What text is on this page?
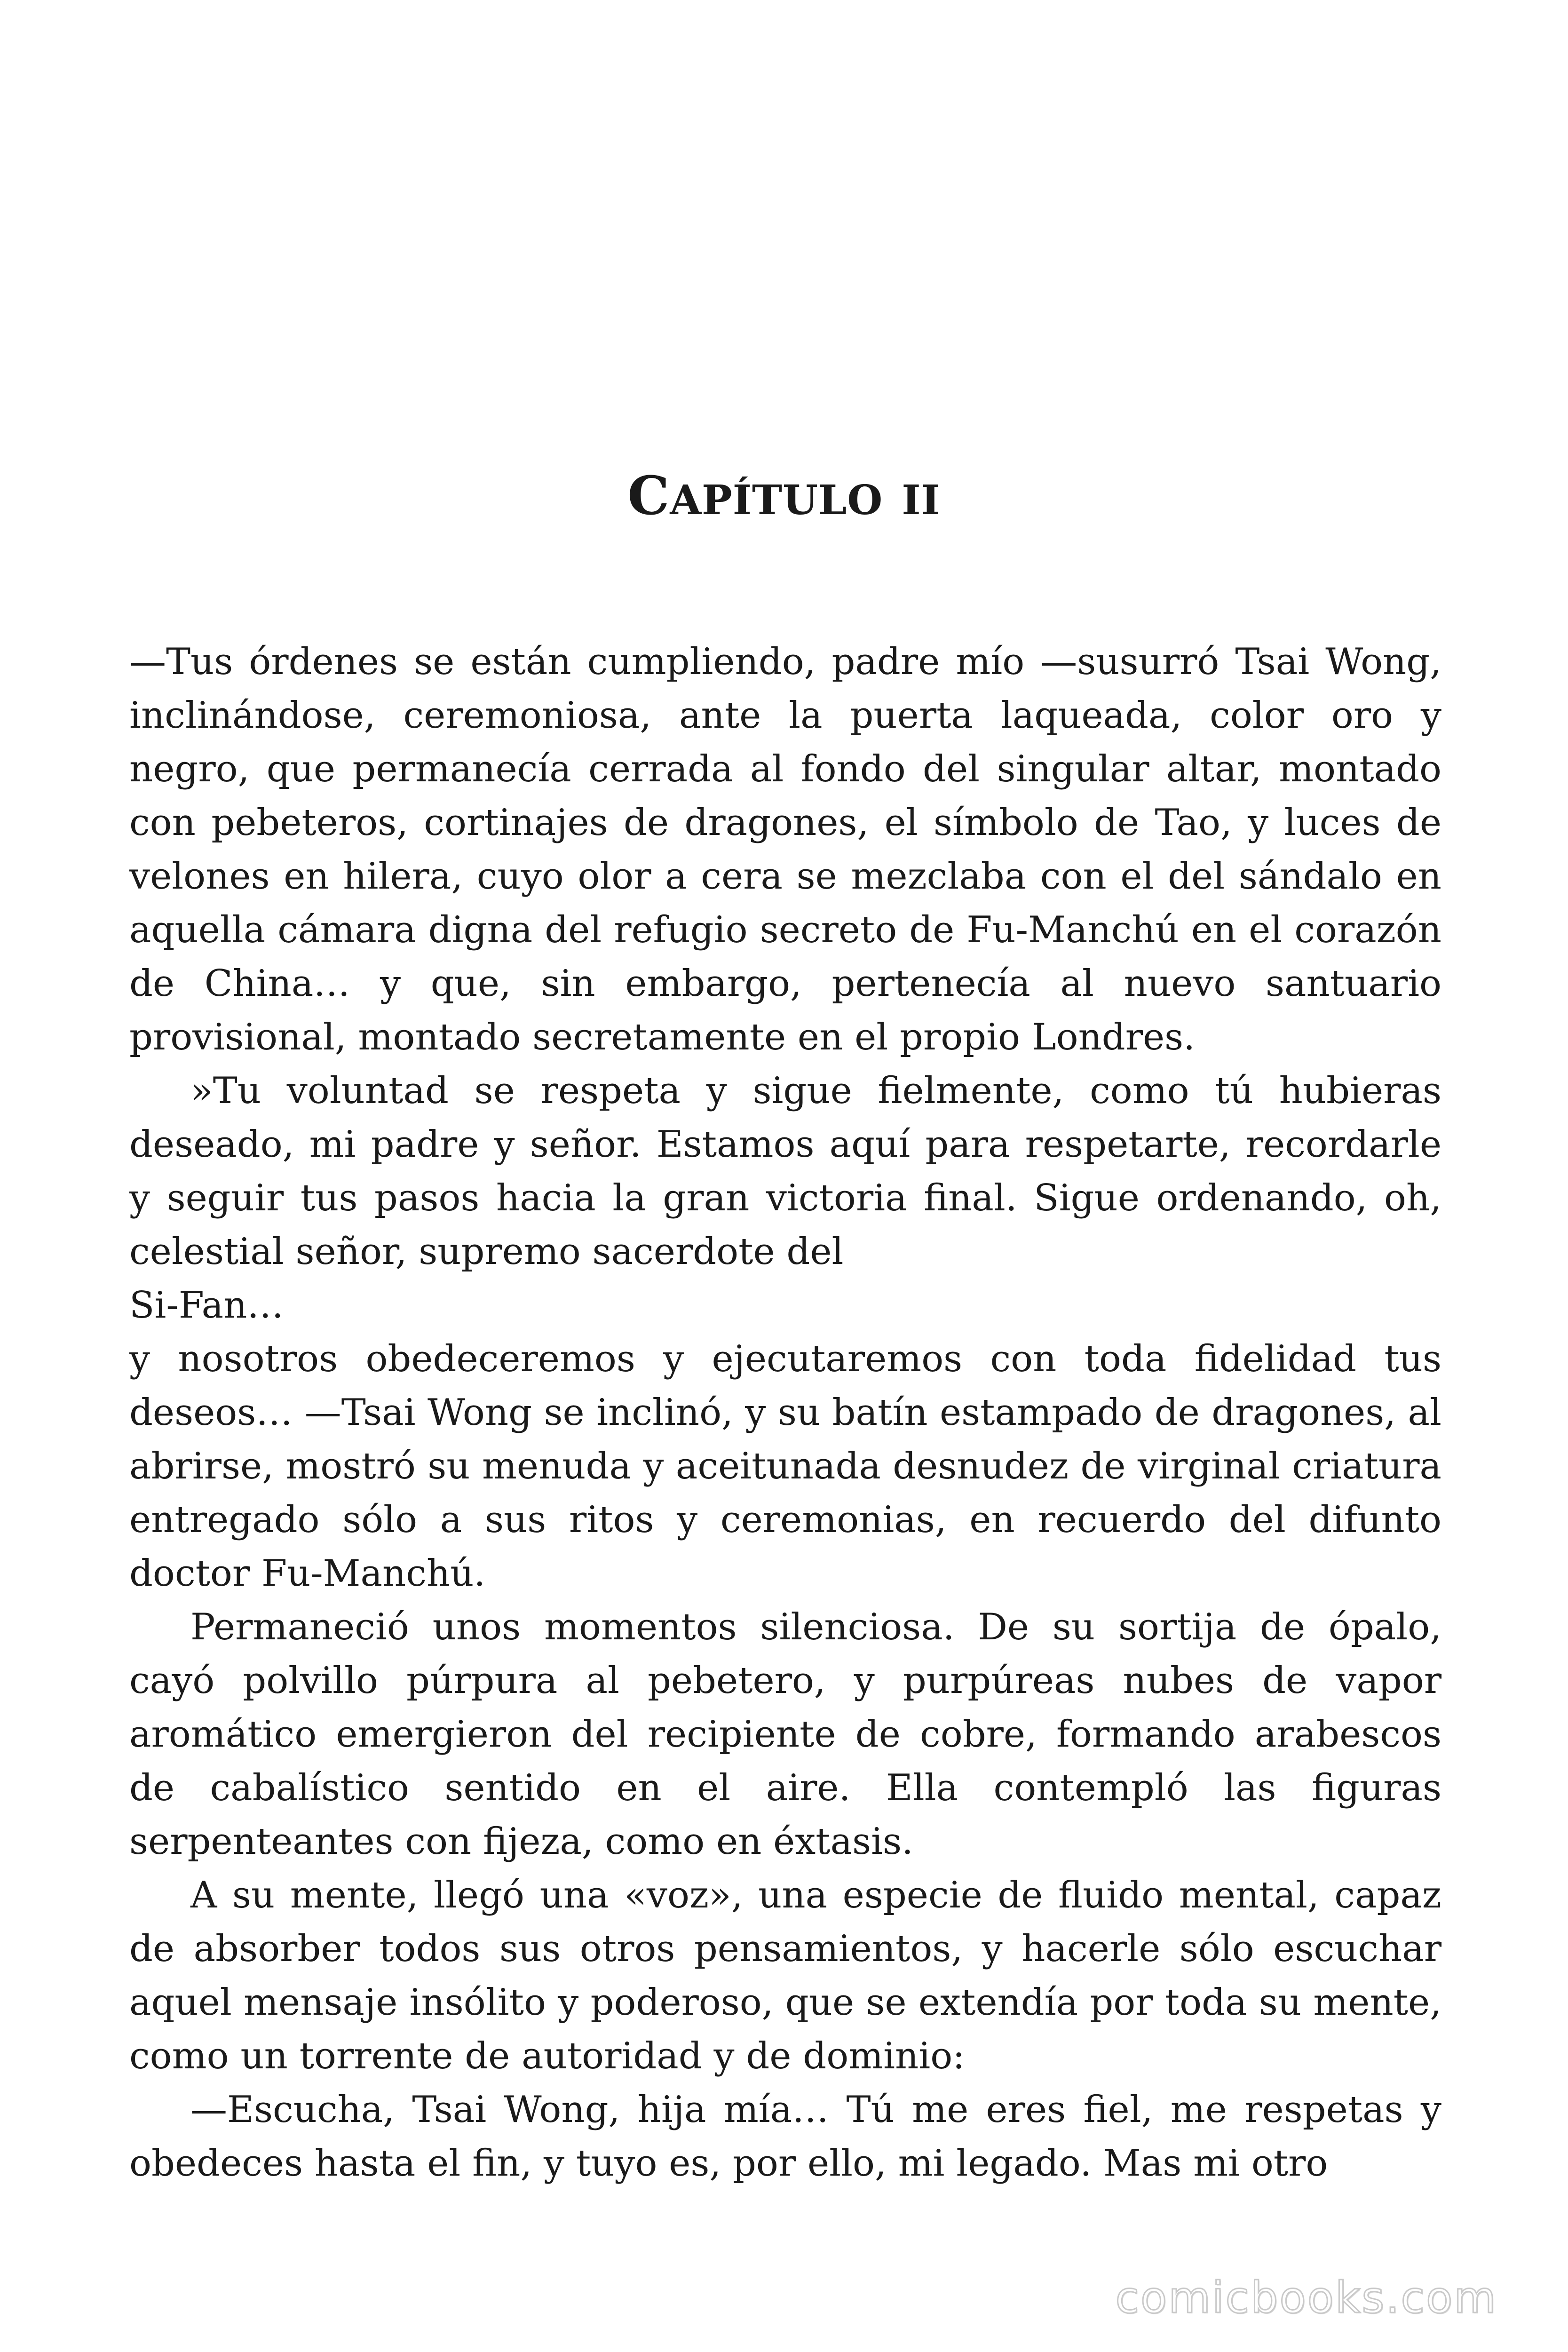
CAPÍTULO II

—Tus órdenes se están cumpliendo, padre mío —susurró Tsai Wong, inclinándose, ceremoniosa, ante la puerta laqueada, color oro y negro, que permanecía cerrada al fondo del singular altar, montado con pebeteros, cortinajes de dragones, el símbolo de Tao, y luces de velones en hilera, cuyo olor a cera se mezclaba con el del sándalo en aquella cámara digna del refugio secreto de Fu-Manchú en el corazón de China… y que, sin embargo, pertenecía al nuevo santuario provisional, montado secretamente en el propio Londres.

»Tu voluntad se respeta y sigue fielmente, como tú hubieras deseado, mi padre y señor. Estamos aquí para respetarte, recordarle y seguir tus pasos hacia la gran victoria final. Sigue ordenando, oh, celestial señor, supremo sacerdote del

Si-Fan…

y nosotros obedeceremos y ejecutaremos con toda fidelidad tus deseos… —Tsai Wong se inclinó, y su batín estampado de dragones, al abrirse, mostró su menuda y aceitunada desnudez de virginal criatura entregado sólo a sus ritos y ceremonias, en recuerdo del difunto doctor Fu-Manchú.

Permaneció unos momentos silenciosa. De su sortija de ópalo, cayó polvillo púrpura al pebetero, y purpúreas nubes de vapor aromático emergieron del recipiente de cobre, formando arabescos de cabalístico sentido en el aire. Ella contempló las figuras serpenteantes con fijeza, como en éxtasis.

A su mente, llegó una «voz», una especie de fluido mental, capaz de absorber todos sus otros pensamientos, y hacerle sólo escuchar aquel mensaje insólito y poderoso, que se extendía por toda su mente, como un torrente de autoridad y de dominio:

—Escucha, Tsai Wong, hija mía… Tú me eres fiel, me respetas y obedeces hasta el fin, y tuyo es, por ello, mi legado. Mas mi otro

comicbooks.com
